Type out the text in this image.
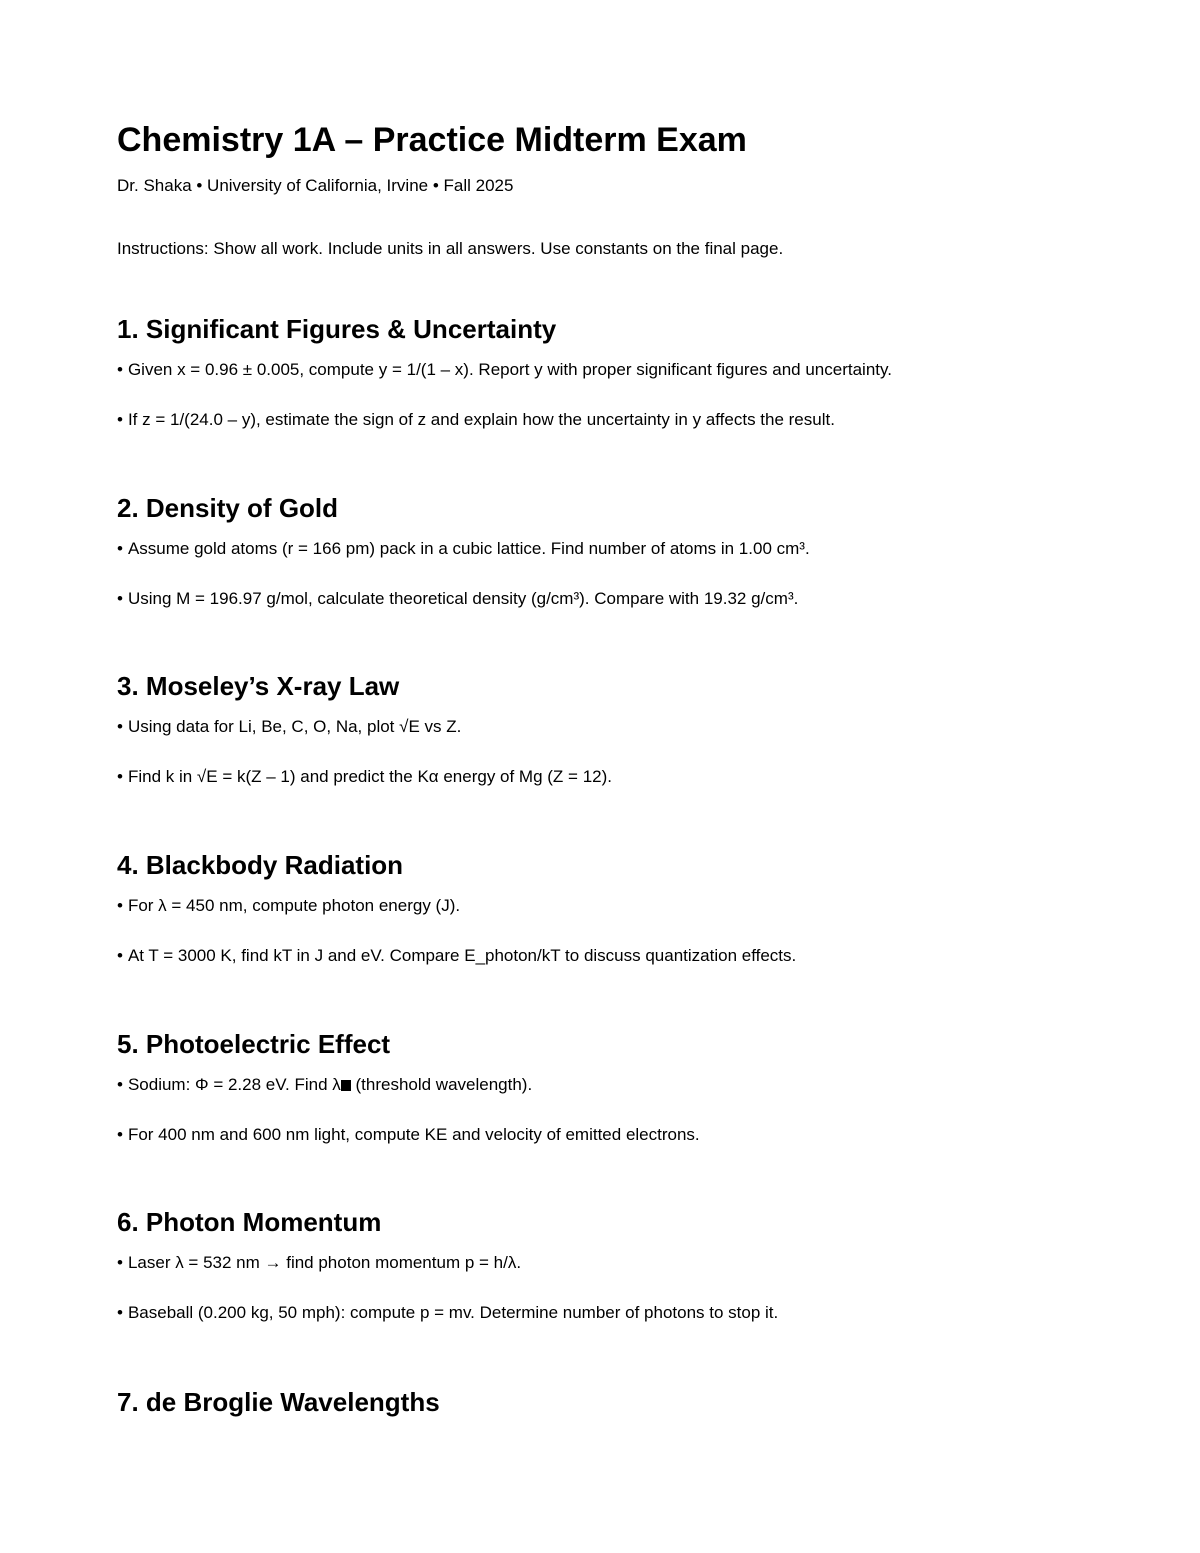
Chemistry 1A – Practice Midterm Exam

Dr. Shaka • University of California, Irvine • Fall 2025

Instructions: Show all work. Include units in all answers. Use constants on the final page.

1. Significant Figures & Uncertainty

• Given x = 0.96 ± 0.005, compute y = 1/(1 – x). Report y with proper significant figures and uncertainty.

• If z = 1/(24.0 – y), estimate the sign of z and explain how the uncertainty in y affects the result.

2. Density of Gold

• Assume gold atoms (r = 166 pm) pack in a cubic lattice. Find number of atoms in 1.00 cm³.

• Using M = 196.97 g/mol, calculate theoretical density (g/cm³). Compare with 19.32 g/cm³.

3. Moseley’s X-ray Law

• Using data for Li, Be, C, O, Na, plot √E vs Z.

• Find k in √E = k(Z – 1) and predict the Kα energy of Mg (Z = 12).

4. Blackbody Radiation

• For λ = 450 nm, compute photon energy (J).

• At T = 3000 K, find kT in J and eV. Compare E_photon/kT to discuss quantization effects.

5. Photoelectric Effect

• Sodium: Φ = 2.28 eV. Find λ (threshold wavelength).

• For 400 nm and 600 nm light, compute KE and velocity of emitted electrons.

6. Photon Momentum

• Laser λ = 532 nm → find photon momentum p = h/λ.

• Baseball (0.200 kg, 50 mph): compute p = mv. Determine number of photons to stop it.

7. de Broglie Wavelengths
